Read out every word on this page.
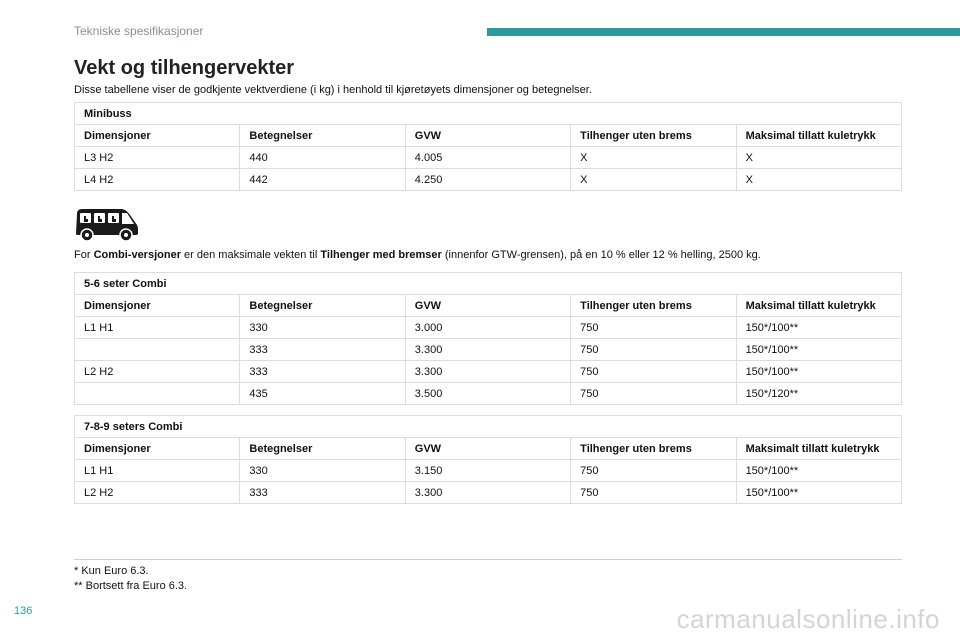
Tekniske spesifikasjoner
Vekt og tilhengervekter
Disse tabellene viser de godkjente vektverdiene (i kg) i henhold til kjøretøyets dimensjoner og betegnelser.
Minibuss				
Dimensjoner	Betegnelser	GVW	Tilhenger uten brems	Maksimal tillatt kuletrykk
L3 H2	440	4.005	X	X
L4 H2	442	4.250	X	X
For Combi-versjoner er den maksimale vekten til Tilhenger med bremser (innenfor GTW-grensen), på en 10 % eller 12 % helling, 2500 kg.
5-6 seter Combi				
Dimensjoner	Betegnelser	GVW	Tilhenger uten brems	Maksimal tillatt kuletrykk
L1 H1	330	3.000	750	150*/100**
	333	3.300	750	150*/100**
L2 H2	333	3.300	750	150*/100**
	435	3.500	750	150*/120**
7-8-9 seters Combi				
Dimensjoner	Betegnelser	GVW	Tilhenger uten brems	Maksimalt tillatt kuletrykk
L1 H1	330	3.150	750	150*/100**
L2 H2	333	3.300	750	150*/100**
* Kun Euro 6.3.
** Bortsett fra Euro 6.3.
136	carmanualsonline.info
